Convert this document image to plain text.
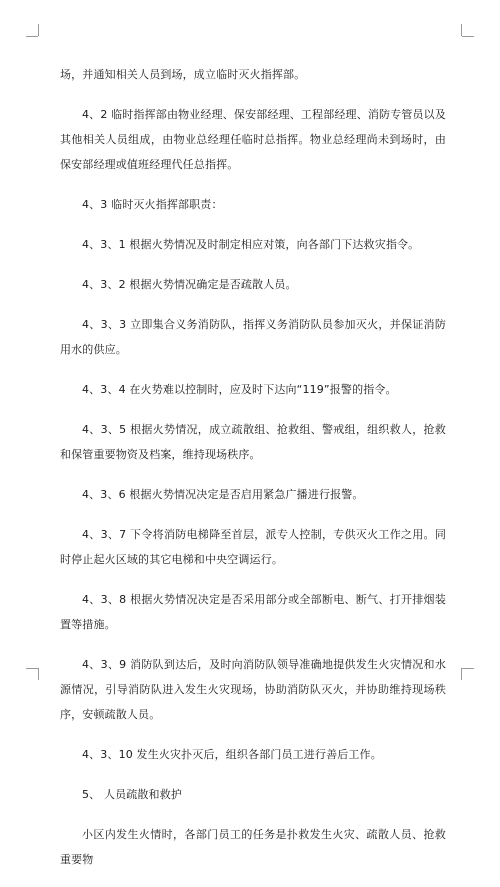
场，并通知相关人员到场，成立临时灭火指挥部。

4、2 临时指挥部由物业经理、保安部经理、工程部经理、消防专管员以及其他相关人员组成，由物业总经理任临时总指挥。物业总经理尚未到场时，由保安部经理或值班经理代任总指挥。

4、3 临时灭火指挥部职责：

4、3、1 根据火势情况及时制定相应对策，向各部门下达救灾指令。

4、3、2 根据火势情况确定是否疏散人员。

4、3、3 立即集合义务消防队，指挥义务消防队员参加灭火，并保证消防用水的供应。

4、3、4 在火势难以控制时，应及时下达向“119”报警的指令。

4、3、5 根据火势情况，成立疏散组、抢救组、警戒组，组织救人，抢救和保管重要物资及档案，维持现场秩序。

4、3、6 根据火势情况决定是否启用紧急广播进行报警。

4、3、7 下令将消防电梯降至首层，派专人控制，专供灭火工作之用。同时停止起火区域的其它电梯和中央空调运行。

4、3、8 根据火势情况决定是否采用部分或全部断电、断气、打开排烟装置等措施。

4、3、9 消防队到达后，及时向消防队领导准确地提供发生火灾情况和水源情况，引导消防队进入发生火灾现场，协助消防队灭火，并协助维持现场秩序，安顿疏散人员。

4、3、10 发生火灾扑灭后，组织各部门员工进行善后工作。

5、 人员疏散和救护

小区内发生火情时，各部门员工的任务是扑救发生火灾、疏散人员、抢救重要物
